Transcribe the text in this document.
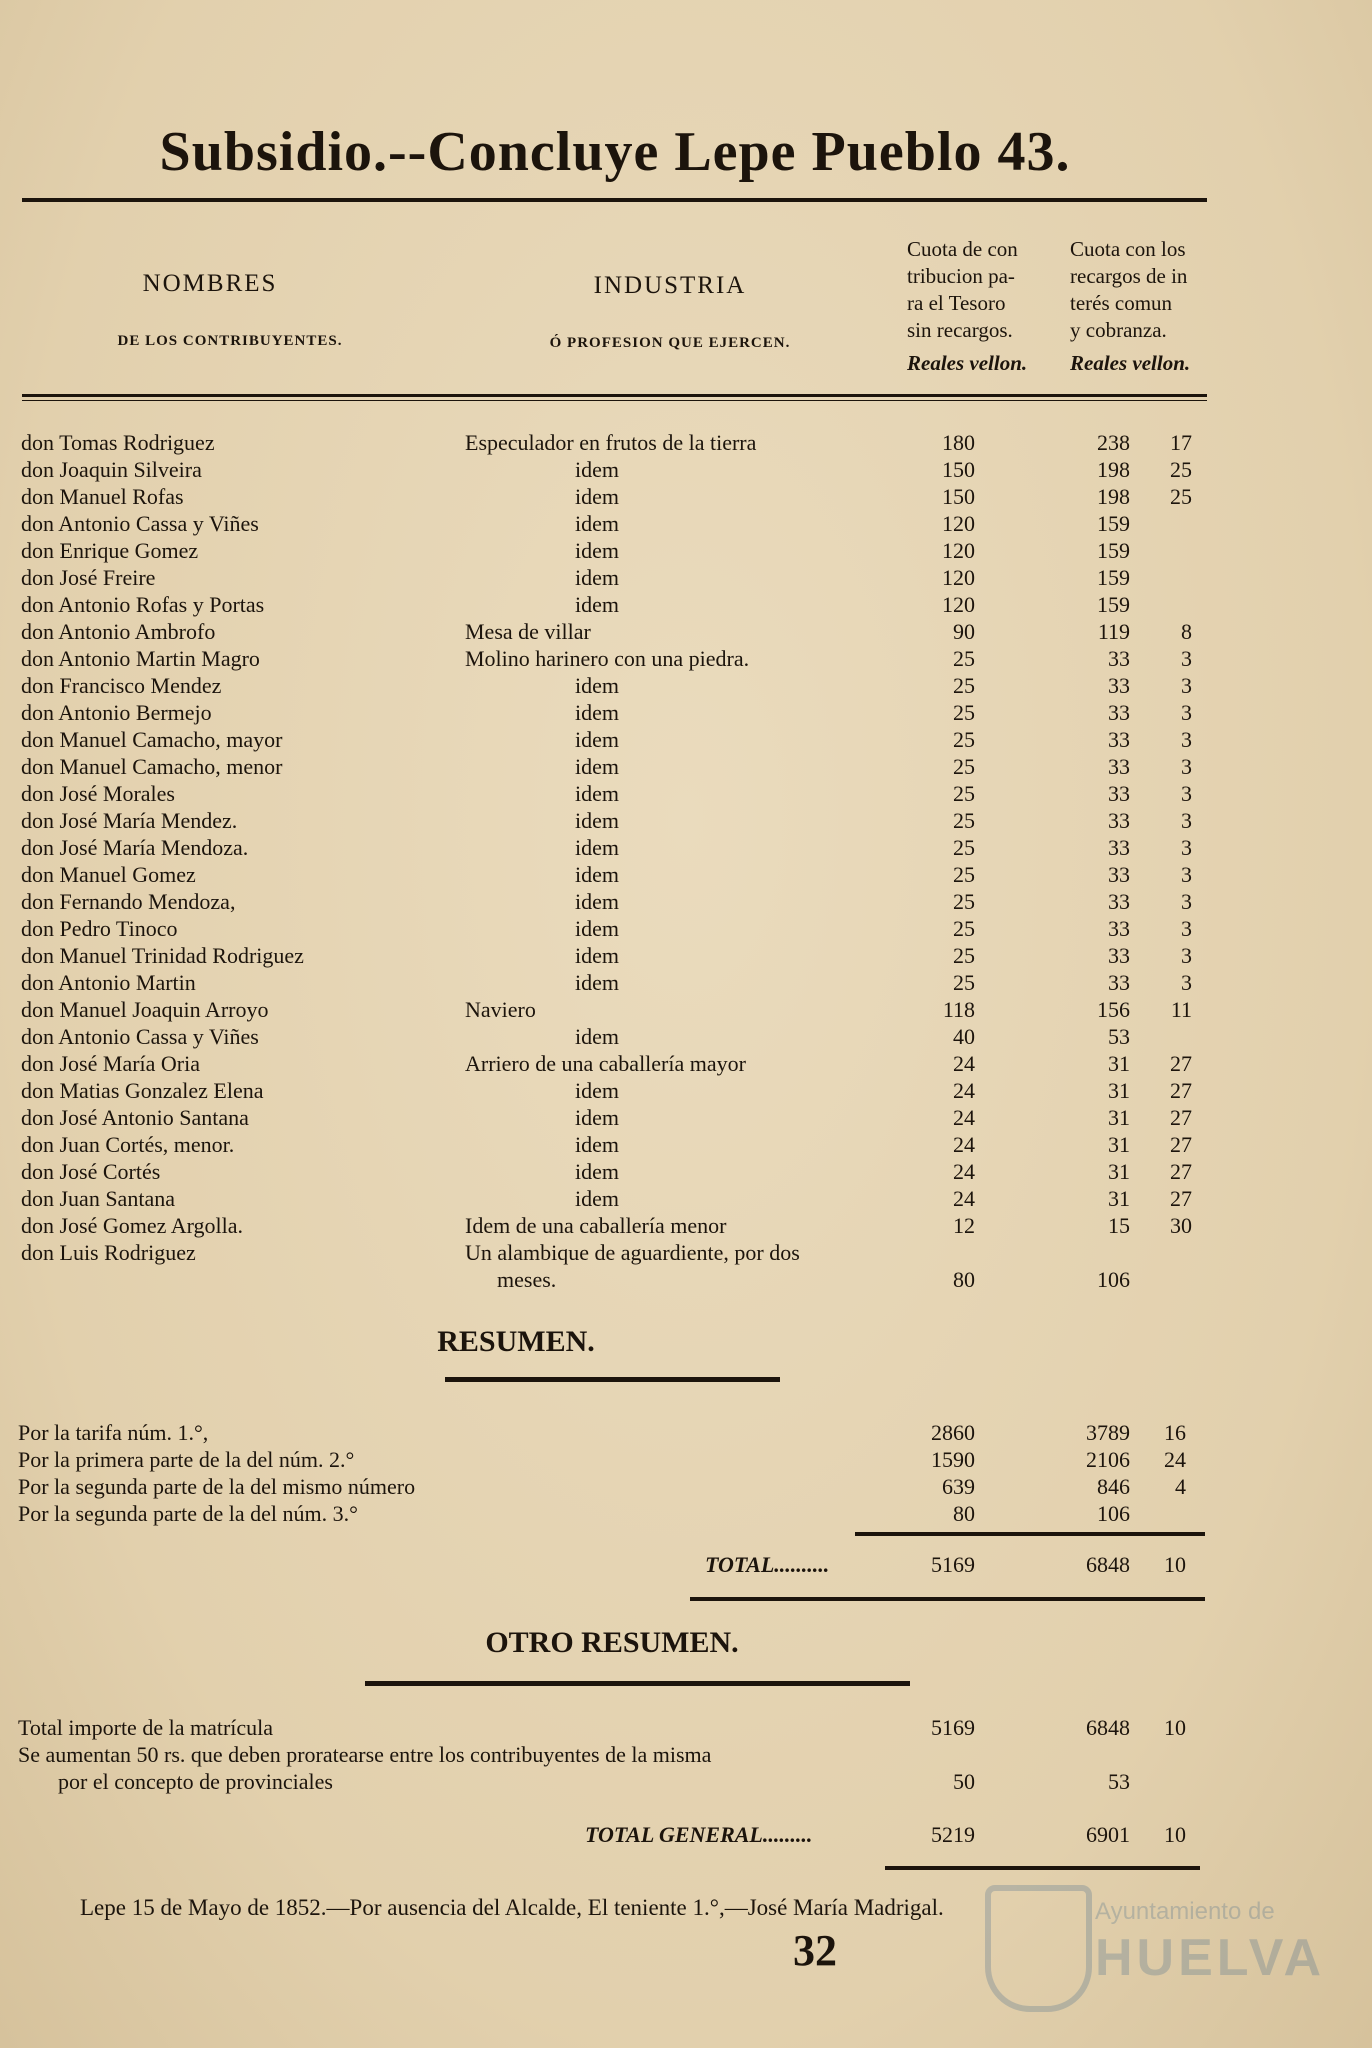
Subsidio.--Concluye Lepe Pueblo 43.
NOMBRES
DE LOS CONTRIBUYENTES.
INDUSTRIA
Ó PROFESION QUE EJERCEN.
Cuota de con
tribucion pa-
ra el Tesoro
sin recargos.
Reales vellon.
Cuota con los
recargos de in
terés comun
y cobranza.
Reales vellon.
don Tomas Rodriguez	Especulador en frutos de la tierra	180	238	17
don Joaquin Silveira	idem	150	198	25
don Manuel Rofas	idem	150	198	25
don Antonio Cassa y Viñes	idem	120	159
don Enrique Gomez	idem	120	159
don José Freire	idem	120	159
don Antonio Rofas y Portas	idem	120	159
don Antonio Ambrofo	Mesa de villar	90	119	8
don Antonio Martin Magro	Molino harinero con una piedra.	25	33	3
don Francisco Mendez	idem	25	33	3
don Antonio Bermejo	idem	25	33	3
don Manuel Camacho, mayor	idem	25	33	3
don Manuel Camacho, menor	idem	25	33	3
don José Morales	idem	25	33	3
don José María Mendez.	idem	25	33	3
don José María Mendoza.	idem	25	33	3
don Manuel Gomez	idem	25	33	3
don Fernando Mendoza,	idem	25	33	3
don Pedro Tinoco	idem	25	33	3
don Manuel Trinidad Rodriguez	idem	25	33	3
don Antonio Martin	idem	25	33	3
don Manuel Joaquin Arroyo	Naviero	118	156	11
don Antonio Cassa y Viñes	idem	40	53
don José María Oria	Arriero de una caballería mayor	24	31	27
don Matias Gonzalez Elena	idem	24	31	27
don José Antonio Santana	idem	24	31	27
don Juan Cortés, menor.	idem	24	31	27
don José Cortés	idem	24	31	27
don Juan Santana	idem	24	31	27
don José Gomez Argolla.	Idem de una caballería menor	12	15	30
don Luis Rodriguez	Un alambique de aguardiente, por dos
meses.	80	106
RESUMEN.
Por la tarifa núm. 1.°,	2860	3789	16
Por la primera parte de la del núm. 2.°	1590	2106	24
Por la segunda parte de la del mismo número	639	846	4
Por la segunda parte de la del núm. 3.°	80	106
TOTAL..........	5169	6848	10
OTRO RESUMEN.
Total importe de la matrícula	5169	6848	10
Se aumentan 50 rs. que deben proratearse entre los contribuyentes de la misma
por el concepto de provinciales	50	53
TOTAL GENERAL.........	5219	6901	10
Lepe 15 de Mayo de 1852.—Por ausencia del Alcalde, El teniente 1.°,—José María Madrigal.
32
Ayuntamiento de
HUELVA
